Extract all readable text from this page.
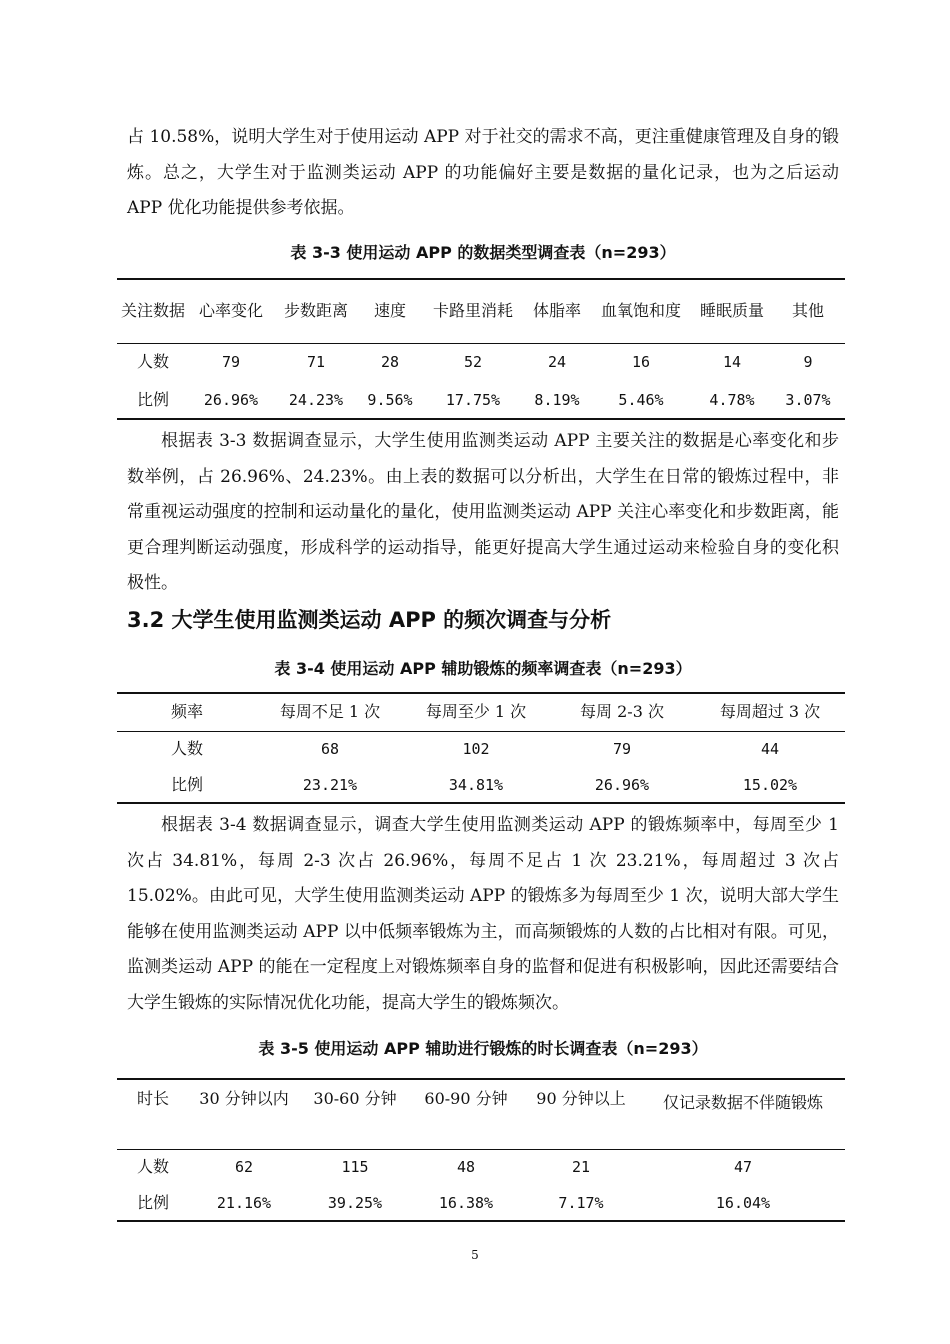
占 10.58%，说明大学生对于使用运动 APP 对于社交的需求不高，更注重健康管理及自身的锻炼。总之，大学生对于监测类运动 APP 的功能偏好主要是数据的量化记录，也为之后运动 APP 优化功能提供参考依据。

表 3-3 使用运动 APP 的数据类型调查表（n=293）

关注数据	心率变化	步数距离	速度	卡路里消耗	体脂率	血氧饱和度	睡眠质量	其他
人数	79	71	28	52	24	16	14	9
比例	26.96%	24.23%	9.56%	17.75%	8.19%	5.46%	4.78%	3.07%

根据表 3-3 数据调查显示，大学生使用监测类运动 APP 主要关注的数据是心率变化和步数举例，占 26.96%、24.23%。由上表的数据可以分析出，大学生在日常的锻炼过程中，非常重视运动强度的控制和运动量化的量化，使用监测类运动 APP 关注心率变化和步数距离，能更合理判断运动强度，形成科学的运动指导，能更好提高大学生通过运动来检验自身的变化积极性。

3.2 大学生使用监测类运动 APP 的频次调查与分析

表 3-4 使用运动 APP 辅助锻炼的频率调查表（n=293）

频率	每周不足 1 次	每周至少 1 次	每周 2-3 次	每周超过 3 次
人数	68	102	79	44
比例	23.21%	34.81%	26.96%	15.02%

根据表 3-4 数据调查显示，调查大学生使用监测类运动 APP 的锻炼频率中，每周至少 1 次占 34.81%，每周 2-3 次占 26.96%，每周不足占 1 次 23.21%，每周超过 3 次占 15.02%。由此可见，大学生使用监测类运动 APP 的锻炼多为每周至少 1 次，说明大部大学生能够在使用监测类运动 APP 以中低频率锻炼为主，而高频锻炼的人数的占比相对有限。可见，监测类运动 APP 的能在一定程度上对锻炼频率自身的监督和促进有积极影响，因此还需要结合大学生锻炼的实际情况优化功能，提高大学生的锻炼频次。

表 3-5 使用运动 APP 辅助进行锻炼的时长调查表（n=293）

时长	30 分钟以内	30-60 分钟	60-90 分钟	90 分钟以上	仅记录数据不伴随锻炼
人数	62	115	48	21	47
比例	21.16%	39.25%	16.38%	7.17%	16.04%
5
